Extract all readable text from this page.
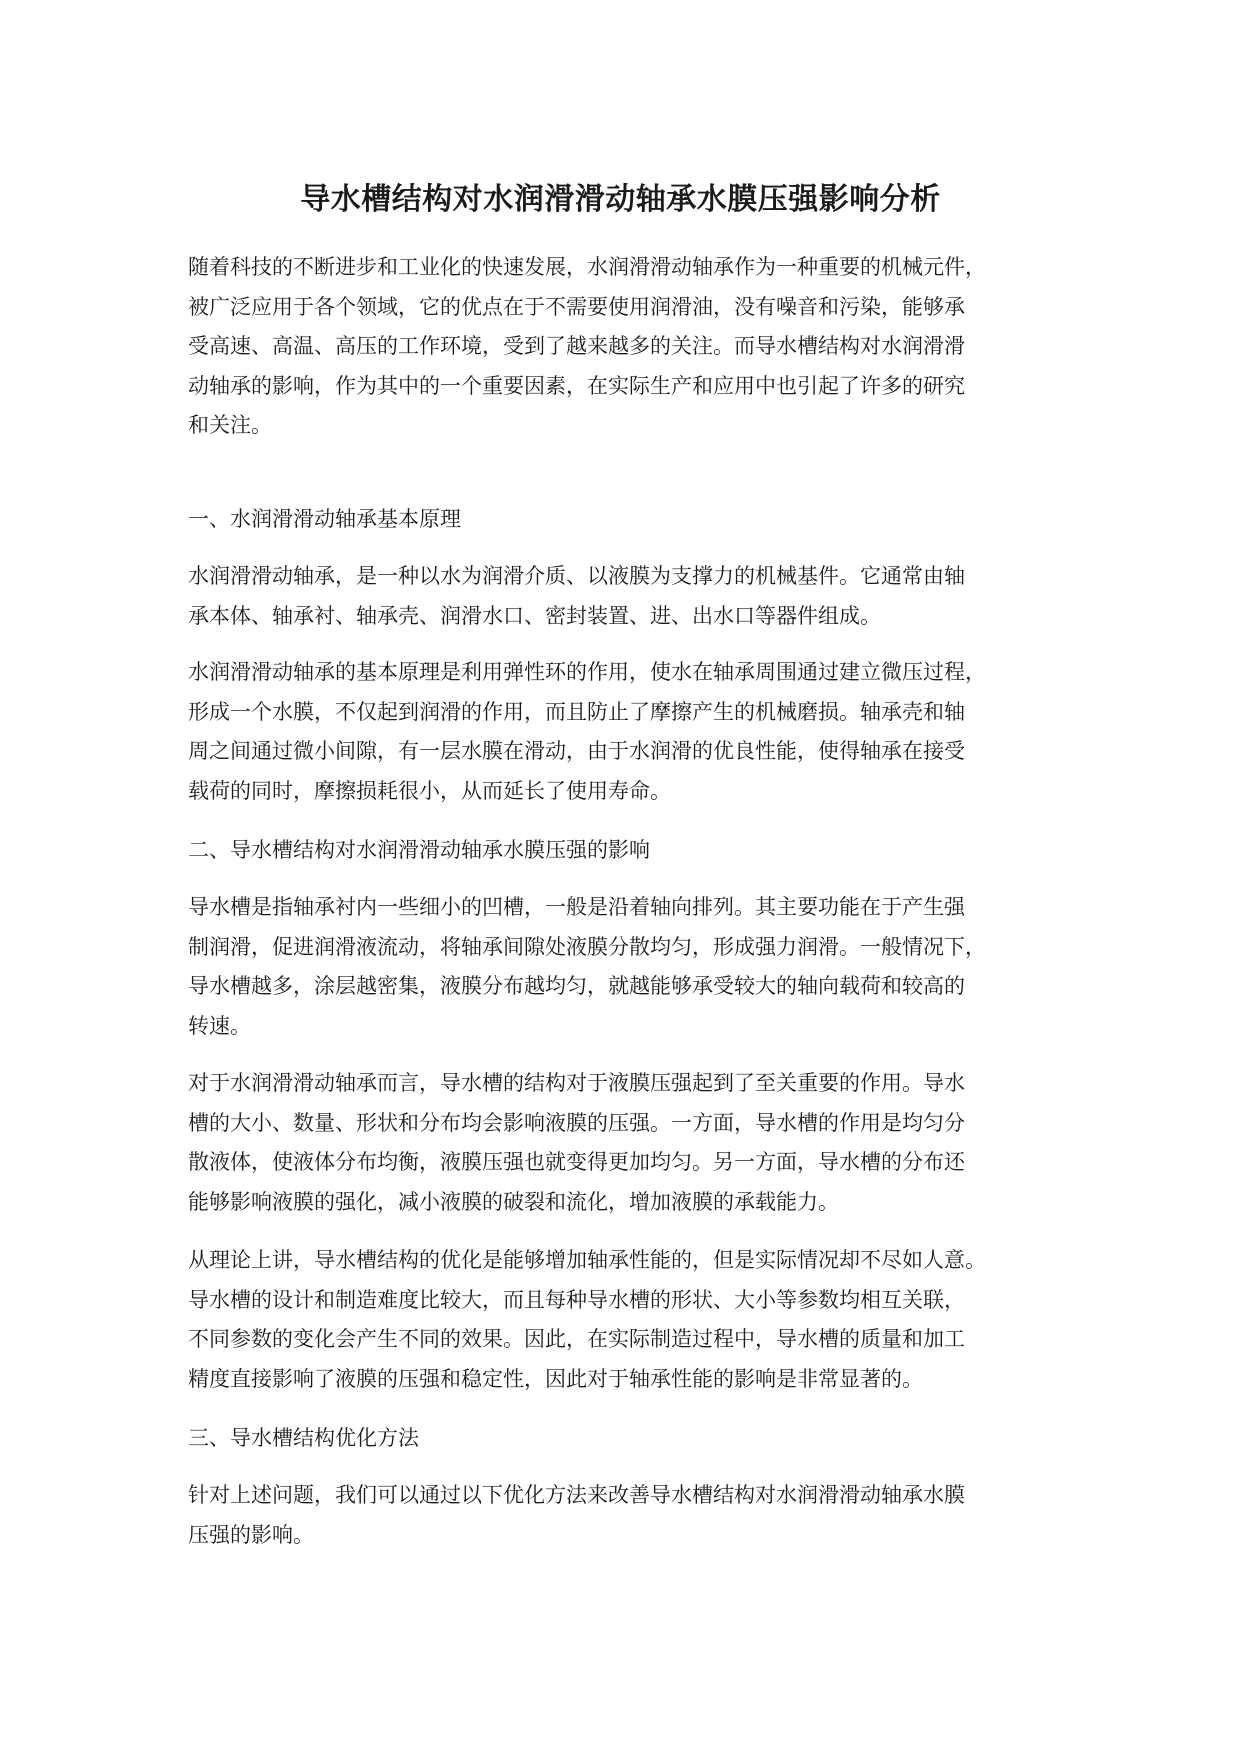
导水槽结构对水润滑滑动轴承水膜压强影响分析

随着科技的不断进步和工业化的快速发展，水润滑滑动轴承作为一种重要的机械元件，
被广泛应用于各个领域，它的优点在于不需要使用润滑油，没有噪音和污染，能够承
受高速、高温、高压的工作环境，受到了越来越多的关注。而导水槽结构对水润滑滑
动轴承的影响，作为其中的一个重要因素，在实际生产和应用中也引起了许多的研究
和关注。

一、水润滑滑动轴承基本原理

水润滑滑动轴承，是一种以水为润滑介质、以液膜为支撑力的机械基件。它通常由轴
承本体、轴承衬、轴承壳、润滑水口、密封装置、进、出水口等器件组成。

水润滑滑动轴承的基本原理是利用弹性环的作用，使水在轴承周围通过建立微压过程，
形成一个水膜，不仅起到润滑的作用，而且防止了摩擦产生的机械磨损。轴承壳和轴
周之间通过微小间隙，有一层水膜在滑动，由于水润滑的优良性能，使得轴承在接受
载荷的同时，摩擦损耗很小，从而延长了使用寿命。

二、导水槽结构对水润滑滑动轴承水膜压强的影响

导水槽是指轴承衬内一些细小的凹槽，一般是沿着轴向排列。其主要功能在于产生强
制润滑，促进润滑液流动，将轴承间隙处液膜分散均匀，形成强力润滑。一般情况下，
导水槽越多，涂层越密集，液膜分布越均匀，就越能够承受较大的轴向载荷和较高的
转速。

对于水润滑滑动轴承而言，导水槽的结构对于液膜压强起到了至关重要的作用。导水
槽的大小、数量、形状和分布均会影响液膜的压强。一方面，导水槽的作用是均匀分
散液体，使液体分布均衡，液膜压强也就变得更加均匀。另一方面，导水槽的分布还
能够影响液膜的强化，减小液膜的破裂和流化，增加液膜的承载能力。

从理论上讲，导水槽结构的优化是能够增加轴承性能的，但是实际情况却不尽如人意。
导水槽的设计和制造难度比较大，而且每种导水槽的形状、大小等参数均相互关联，
不同参数的变化会产生不同的效果。因此，在实际制造过程中，导水槽的质量和加工
精度直接影响了液膜的压强和稳定性，因此对于轴承性能的影响是非常显著的。

三、导水槽结构优化方法

针对上述问题，我们可以通过以下优化方法来改善导水槽结构对水润滑滑动轴承水膜
压强的影响。
